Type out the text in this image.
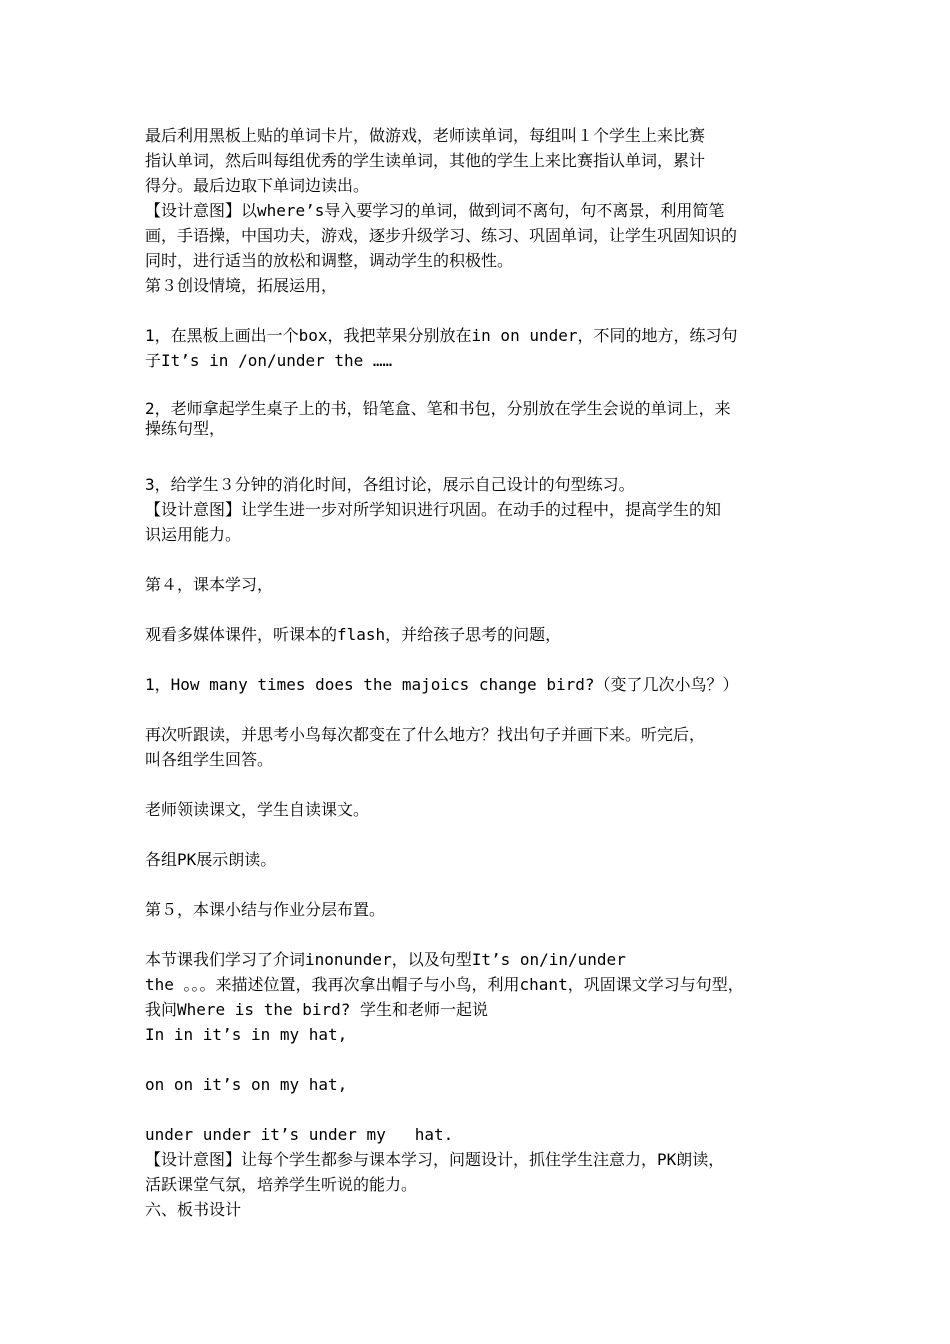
最后利用黑板上贴的单词卡片，做游戏，老师读单词，每组叫１个学生上来比赛

指认单词，然后叫每组优秀的学生读单词，其他的学生上来比赛指认单词，累计

得分。最后边取下单词边读出。

【设计意图】以where’s导入要学习的单词，做到词不离句，句不离景，利用简笔

画，手语操，中国功夫，游戏，逐步升级学习、练习、巩固单词，让学生巩固知识的

同时，进行适当的放松和调整，调动学生的积极性。

第３创设情境，拓展运用，

1，在黑板上画出一个box，我把苹果分别放在in on under，不同的地方，练习句

子It’s in /on/under the ……

2，老师拿起学生桌子上的书，铅笔盒、笔和书包，分别放在学生会说的单词上，来

操练句型，

3，给学生３分钟的消化时间，各组讨论，展示自己设计的句型练习。

【设计意图】让学生进一步对所学知识进行巩固。在动手的过程中，提高学生的知

识运用能力。

第４，课本学习，

观看多媒体课件，听课本的flash，并给孩子思考的问题，

1，How many times does the majoics change bird?（变了几次小鸟？）

再次听跟读，并思考小鸟每次都变在了什么地方？找出句子并画下来。听完后，

叫各组学生回答。

老师领读课文，学生自读课文。

各组PK展示朗读。

第５，本课小结与作业分层布置。

本节课我们学习了介词inonunder，以及句型It’s on/in/under

the 。。。来描述位置，我再次拿出帽子与小鸟，利用chant，巩固课文学习与句型，

我问Where is the bird? 学生和老师一起说

In in it’s in my hat,

on on it’s on my hat,

under under it’s under my   hat.

【设计意图】让每个学生都参与课本学习，问题设计，抓住学生注意力，PK朗读，

活跃课堂气氛，培养学生听说的能力。

六、板书设计
